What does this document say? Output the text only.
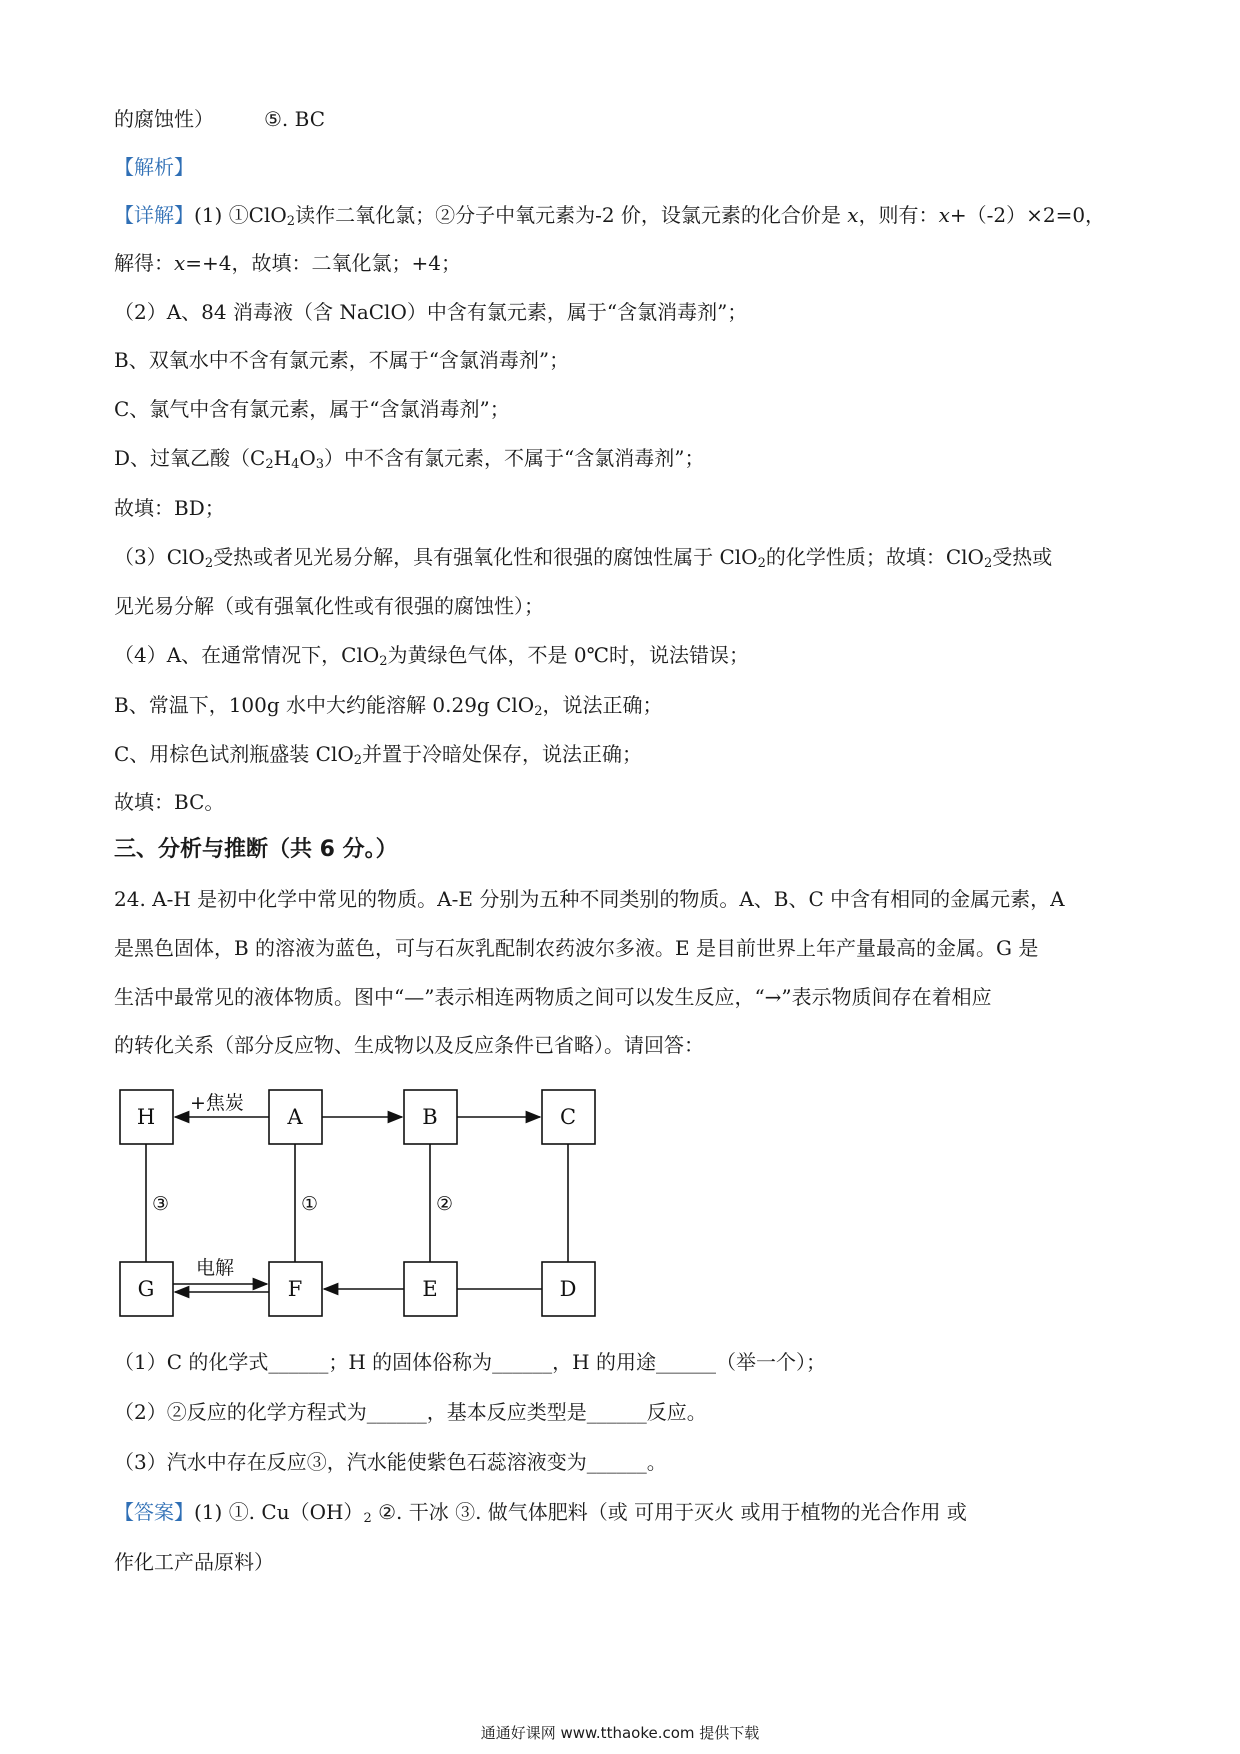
的腐蚀性）	⑤. BC
【解析】
【详解】(1) ①ClO$_2$读作二氧化氯；②分子中氧元素为-2 价，设氯元素的化合价是 x，则有：x+（-2）×2=0，
解得：x=+4，故填：二氧化氯；+4；
（2）A、84 消毒液（含 NaClO）中含有氯元素，属于“含氯消毒剂”；
B、双氧水中不含有氯元素，不属于“含氯消毒剂”；
C、氯气中含有氯元素，属于“含氯消毒剂”；
D、过氧乙酸$(C_2H_4O_3)$中不含有氯元素，不属于“含氯消毒剂”；
故填：BD；
（3）ClO$_2$受热或者见光易分解，具有强氧化性和很强的腐蚀性属于 ClO$_2$的化学性质；故填：ClO$_2$受热或
见光易分解（或有强氧化性或有很强的腐蚀性）；
（4）A、在通常情况下，ClO$_2$为黄绿色气体，不是 0℃时，说法错误；
B、常温下，100g 水中大约能溶解 0.29g ClO$_2$，说法正确；
C、用棕色试剂瓶盛装 ClO$_2$并置于冷暗处保存，说法正确；
故填：BC。
三、分析与推断（共 6 分。）
24. A-H 是初中化学中常见的物质。A-E 分别为五种不同类别的物质。A、B、C 中含有相同的金属元素，A
是黑色固体，B 的溶液为蓝色，可与石灰乳配制农药波尔多液。E 是目前世界上年产量最高的金属。G 是
生活中最常见的液体物质。图中“—”表示相连两物质之间可以发生反应，“→”表示物质间存在着相应
的转化关系（部分反应物、生成物以及反应条件已省略）。请回答：
H	A	B	C
G	F	E	D
+焦炭
电解
③	①	②
（1）C 的化学式______；H 的固体俗称为______，H 的用途______（举一个）；
（2）②反应的化学方程式为______，基本反应类型是______反应。
（3）汽水中存在反应③，汽水能使紫色石蕊溶液变为______。
【答案】(1) ①. $Cu(OH)_2$ ②. 干冰 ③. 做气体肥料（或 可用于灭火 或用于植物的光合作用 或
作化工产品原料）
通通好课网 www.tthaoke.com 提供下载
